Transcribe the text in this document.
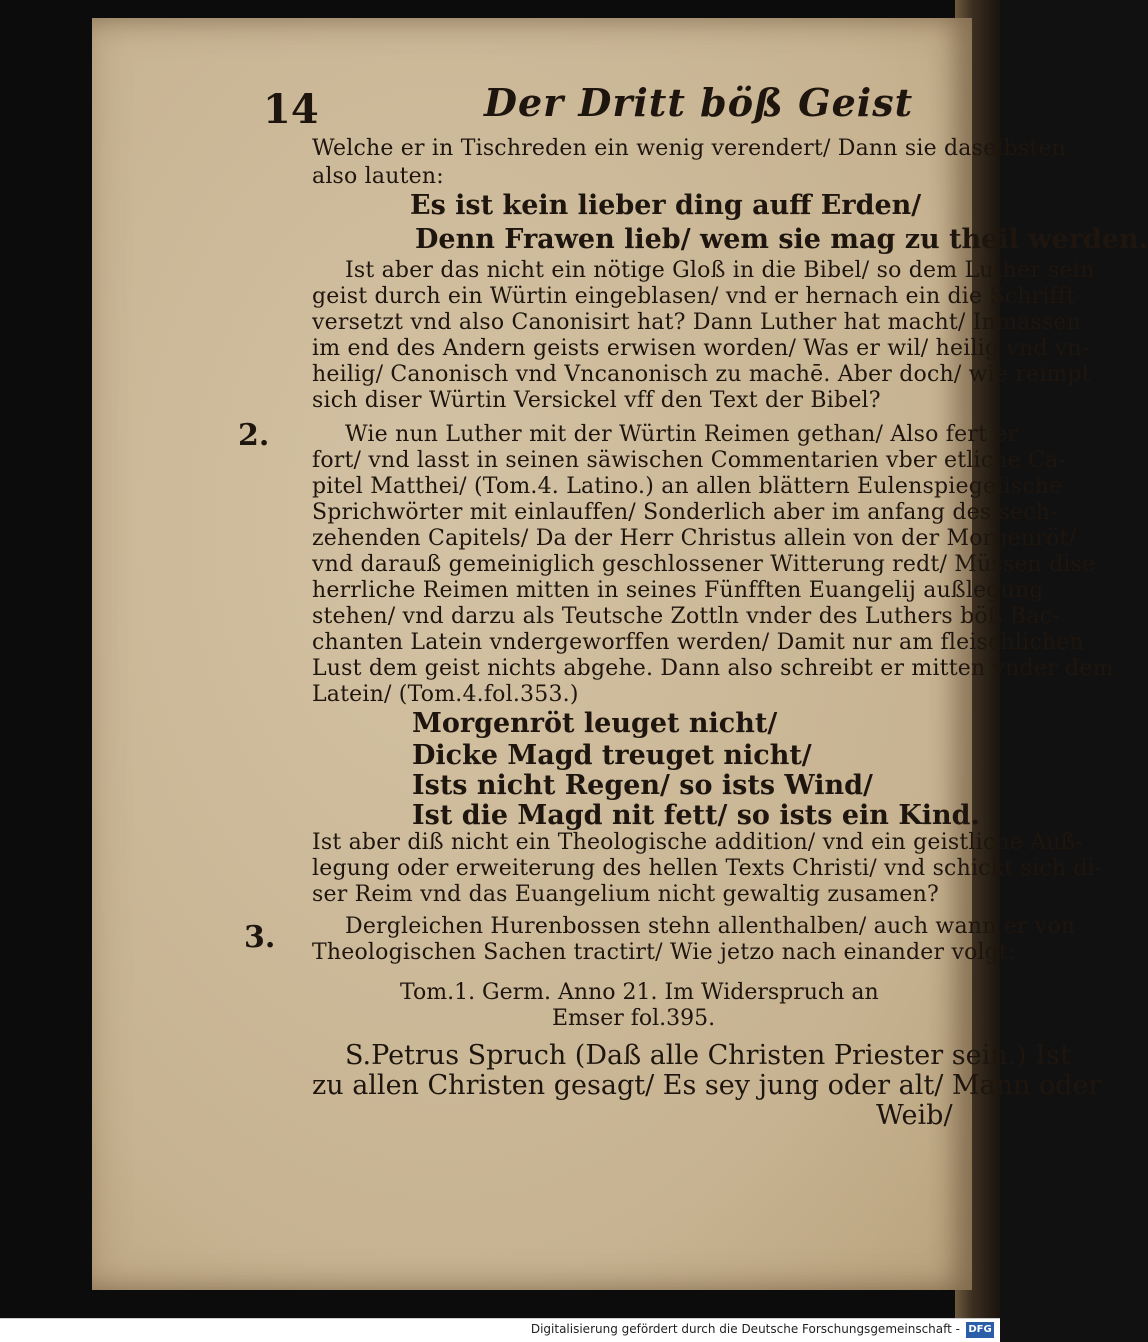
14	Der Dritt böß Geist
Welche er in Tischreden ein wenig verendert/ Dann sie daselbsten
also lauten:
Es ist kein lieber ding auff Erden/
Denn Frawen lieb/ wem sie mag zu theil werden.
Ist aber das nicht ein nötige Gloß in die Bibel/ so dem Luther sein
geist durch ein Würtin eingeblasen/ vnd er hernach ein die Schrifft
versetzt vnd also Canonisirt hat? Dann Luther hat macht/ Inmassen
im end des Andern geists erwisen worden/ Was er wil/ heilig vnd vn-
heilig/ Canonisch vnd Vncanonisch zu machē. Aber doch/ wie reimpt
sich diser Würtin Versickel vff den Text der Bibel?
2.	Wie nun Luther mit der Würtin Reimen gethan/ Also fert er
fort/ vnd lasst in seinen säwischen Commentarien vber etliche Ca-
pitel Matthei/ (Tom.4. Latino.) an allen blättern Eulenspiegelische
Sprichwörter mit einlauffen/ Sonderlich aber im anfang des sech-
zehenden Capitels/ Da der Herr Christus allein von der Morgenröt/
vnd darauß gemeiniglich geschlossener Witterung redt/ Müssen dise
herrliche Reimen mitten in seines Fünfften Euangelij außlegung
stehen/ vnd darzu als Teutsche Zottln vnder des Luthers böß Bac-
chanten Latein vndergeworffen werden/ Damit nur am fleischlichen
Lust dem geist nichts abgehe. Dann also schreibt er mitten vnder dem
Latein/ (Tom.4.fol.353.)
Morgenröt leuget nicht/
Dicke Magd treuget nicht/
Ists nicht Regen/ so ists Wind/
Ist die Magd nit fett/ so ists ein Kind.
Ist aber diß nicht ein Theologische addition/ vnd ein geistliche Auß-
legung oder erweiterung des hellen Texts Christi/ vnd schickt sich di-
ser Reim vnd das Euangelium nicht gewaltig zusamen?
3.	Dergleichen Hurenbossen stehn allenthalben/ auch wann er von
Theologischen Sachen tractirt/ Wie jetzo nach einander volgt:
Tom.1. Germ. Anno 21. Im Widerspruch an
Emser fol.395.
S.Petrus Spruch (Daß alle Christen Priester sein.) Ist
zu allen Christen gesagt/ Es sey jung oder alt/ Mann oder
Weib/
Digitalisierung gefördert durch die Deutsche Forschungsgemeinschaft - DFG
